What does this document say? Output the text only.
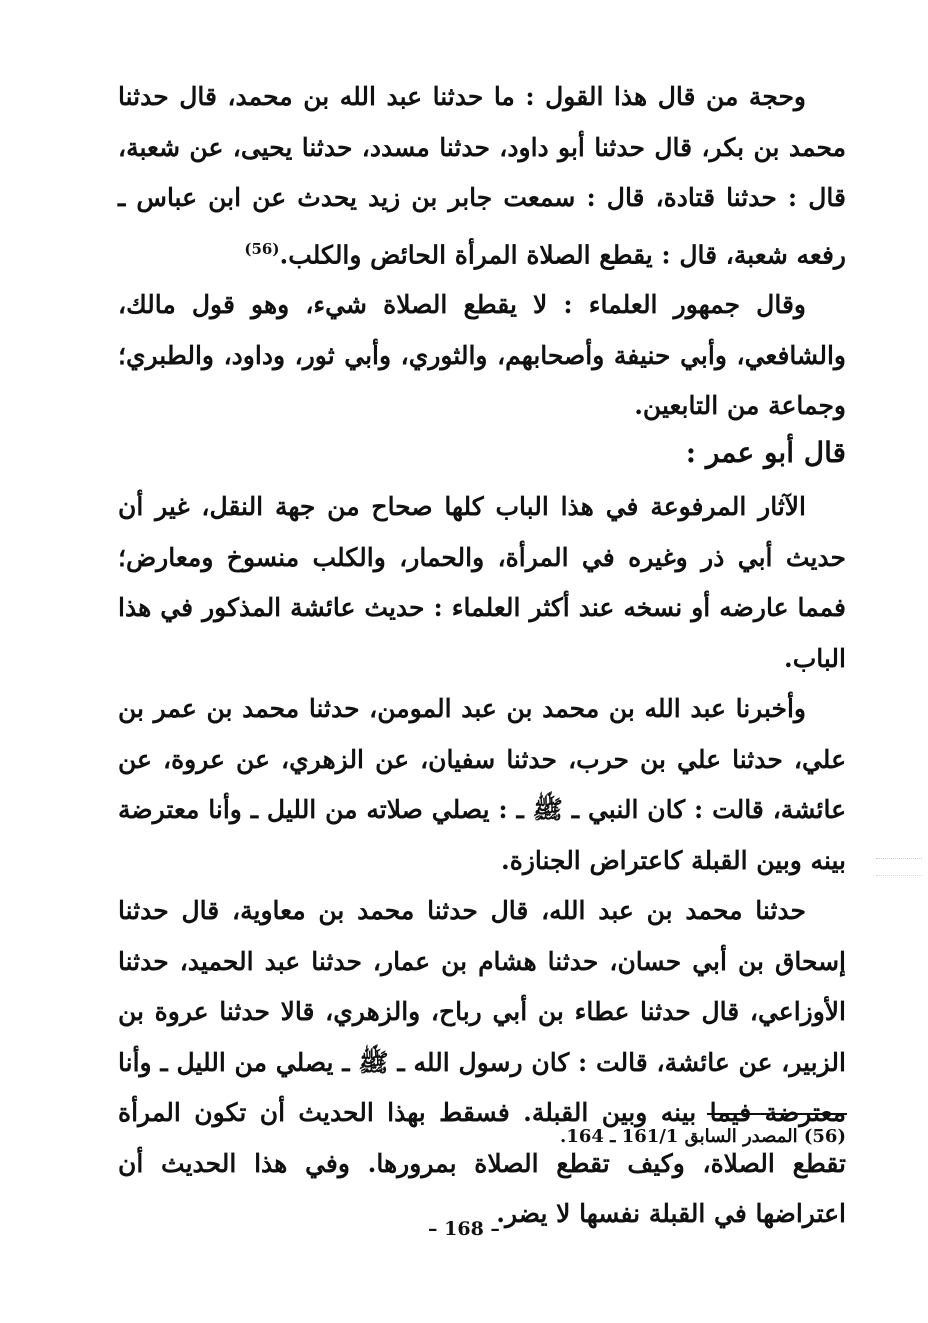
وحجة من قال هذا القول : ما حدثنا عبد الله بن محمد، قال حدثنا محمد بن بكر، قال حدثنا أبو داود، حدثنا مسدد، حدثنا يحيى، عن شعبة، قال : حدثنا قتادة، قال : سمعت جابر بن زيد يحدث عن ابن عباس ـ رفعه شعبة، قال : يقطع الصلاة المرأة الحائض والكلب.$^{(56)}$

وقال جمهور العلماء : لا يقطع الصلاة شيء، وهو قول مالك، والشافعي، وأبي حنيفة وأصحابهم، والثوري، وأبي ثور، وداود، والطبري؛ وجماعة من التابعين.

قال أبو عمر :

الآثار المرفوعة في هذا الباب كلها صحاح من جهة النقل، غير أن حديث أبي ذر وغيره في المرأة، والحمار، والكلب منسوخ ومعارض؛ فمما عارضه أو نسخه عند أكثر العلماء : حديث عائشة المذكور في هذا الباب.

وأخبرنا عبد الله بن محمد بن عبد المومن، حدثنا محمد بن عمر بن علي، حدثنا علي بن حرب، حدثنا سفيان، عن الزهري، عن عروة، عن عائشة، قالت : كان النبي ـ ﷺ ـ : يصلي صلاته من الليل ـ وأنا معترضة بينه وبين القبلة كاعتراض الجنازة.

حدثنا محمد بن عبد الله، قال حدثنا محمد بن معاوية، قال حدثنا إسحاق بن أبي حسان، حدثنا هشام بن عمار، حدثنا عبد الحميد، حدثنا الأوزاعي، قال حدثنا عطاء بن أبي رباح، والزهري، قالا حدثنا عروة بن الزبير، عن عائشة، قالت : كان رسول الله ـ ﷺ ـ يصلي من الليل ـ وأنا معترضة فيما بينه وبين القبلة. فسقط بهذا الحديث أن تكون المرأة تقطع الصلاة، وكيف تقطع الصلاة بمرورها. وفي هذا الحديث أن اعتراضها في القبلة نفسها لا يضر.

(56) المصدر السابق 161/1 ـ 164.
– 168 –
